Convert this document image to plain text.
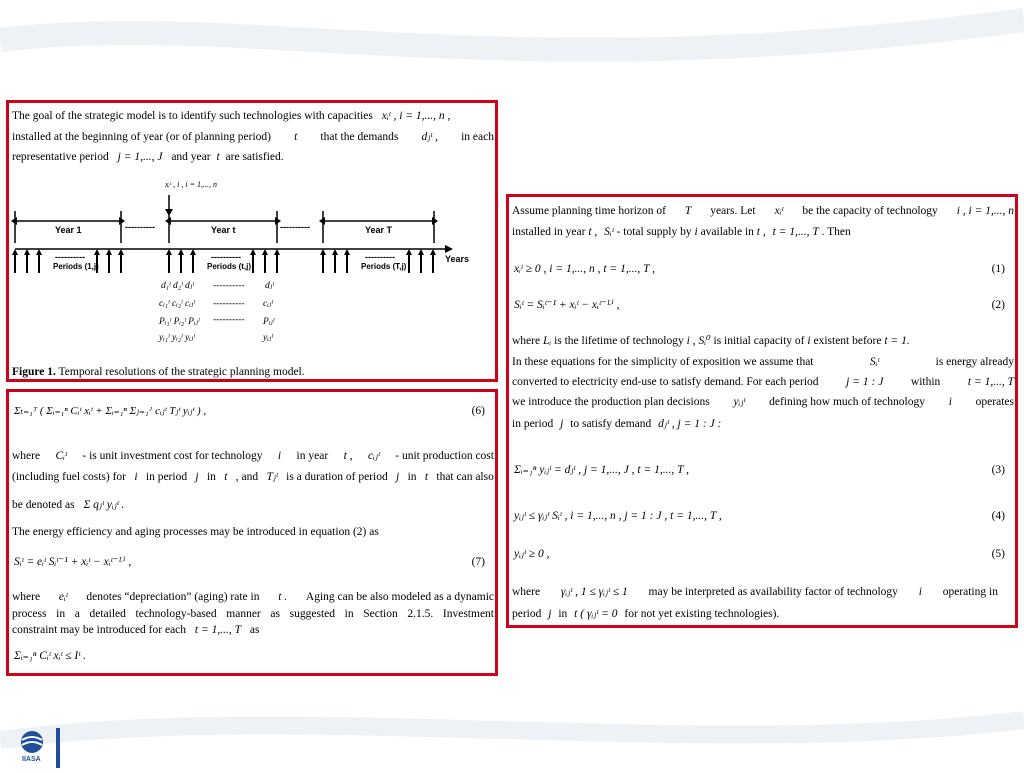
The goal of the strategic model is to identify such technologies with capacities xᵢᵗ , i = 1,..., n ,
installed at the beginning of year (or of planning period) t that the demands dⱼᵗ , in each
representative period j = 1,..., J and year t are satisfied.
xᵢᵗ , i , i = 1,..., n
Year 1	----------	Year t	----------	Year T
Years
----------
Periods (1,j)
----------
Periods (t,j)
----------
Periods (T,j)
d₁ᵗ d₂ᵗ dⱼᵗ ---------- dⱼᵗ
cᵢ₁ᵗ cᵢ₂ᵗ cᵢⱼᵗ ---------- cᵢⱼᵗ
Pᵢ₁ᵗ Pᵢ₂ᵗ Pᵢⱼᵗ ---------- Pᵢⱼᵗ
yᵢ₁ᵗ yᵢ₂ᵗ yᵢⱼᵗ	yᵢⱼᵗ
Figure 1. Temporal resolutions of the strategic planning model.
Σₜ₌₁ᵀ ( Σᵢ₌₁ⁿ Cᵢᵗ xᵢᵗ + Σᵢ₌₁ⁿ Σⱼ₌₁ᴶ cᵢⱼᵗ Tⱼᵗ yᵢⱼᵗ ) ,	(6)
where Cᵢᵗ - is unit investment cost for technology i in year t , cᵢⱼᵗ - unit production cost
(including fuel costs) for i in period j in t , and Tⱼᵗ is a duration of period j in t that can also
be denoted as Σ qⱼᵗ yᵢⱼᵗ .
The energy efficiency and aging processes may be introduced in equation (2) as
Sᵢᵗ = eᵢᵗ Sᵢᵗ⁻¹ + xᵢᵗ − xᵢᵗ⁻ᴸⁱ ,	(7)
where eᵢᵗ denotes “depreciation” (aging) rate in t . Aging can be also modeled as a dynamic
process in a detailed technology-based manner as suggested in Section 2.1.5. Investment
constraint may be introduced for each t = 1,..., T as
Σᵢ₌₁ⁿ Cᵢᵗ xᵢᵗ ≤ Iᵗ .
Assume planning time horizon of T years. Let xᵢᵗ be the capacity of technology i , i = 1,..., n
installed in year t , Sᵢᵗ - total supply by i available in t , t = 1,..., T . Then
xᵢᵗ ≥ 0 , i = 1,..., n , t = 1,..., T ,	(1)
Sᵢᵗ = Sᵢᵗ⁻¹ + xᵢᵗ − xᵢᵗ⁻ᴸⁱ ,	(2)
where Lᵢ is the lifetime of technology i , Sᵢ⁰ is initial capacity of i existent before t = 1.
In these equations for the simplicity of exposition we assume that	Sᵢᵗ	is energy already
converted to electricity end-use to satisfy demand. For each period j = 1 : J within t = 1,..., T
we introduce the production plan decisions yᵢⱼᵗ defining how much of technology i operates
in period j to satisfy demand dⱼᵗ , j = 1 : J :
Σᵢ₌₁ⁿ yᵢⱼᵗ = dⱼᵗ , j = 1,..., J , t = 1,..., T ,	(3)
yᵢⱼᵗ ≤ γᵢⱼᵗ Sᵢᵗ , i = 1,..., n , j = 1 : J , t = 1,..., T ,	(4)
yᵢⱼᵗ ≥ 0 ,	(5)
where γᵢⱼᵗ , 1 ≤ γᵢⱼᵗ ≤ 1 may be interpreted as availability factor of technology i operating in
period j in t ( γᵢⱼᵗ = 0 for not yet existing technologies).
IIASA
